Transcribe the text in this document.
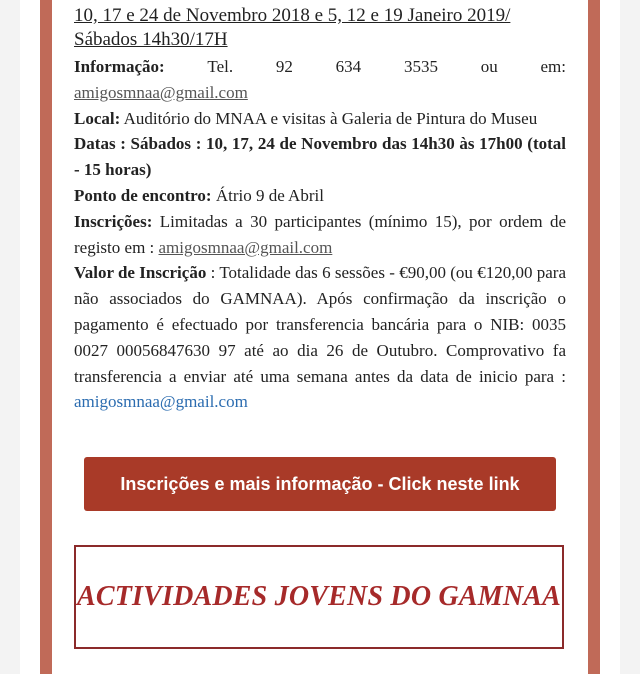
10, 17 e 24 de Novembro 2018 e 5, 12 e 19 Janeiro 2019/
Sábados 14h30/17H
Informação:	Tel.	92	634	3535	ou	em:

amigosmnaa@gmail.com

Local: Auditório do MNAA e visitas à Galeria de Pintura do Museu

Datas : Sábados : 10, 17, 24 de Novembro das 14h30 às 17h00 (total - 15 horas)

Ponto de encontro: Átrio 9 de Abril

Inscrições: Limitadas a 30 participantes (mínimo 15), por ordem de registo em : amigosmnaa@gmail.com

Valor de Inscrição : Totalidade das 6 sessões - €90,00 (ou €120,00 para não associados do GAMNAA). Após confirmação da inscrição o pagamento é efectuado por transferencia bancária para o NIB: 0035 0027 00056847630 97 até ao dia 26 de Outubro. Comprovativo fa transferencia a enviar até uma semana antes da data de inicio para : amigosmnaa@gmail.com

Inscrições e mais informação - Click neste link
ACTIVIDADES JOVENS DO GAMNAA
